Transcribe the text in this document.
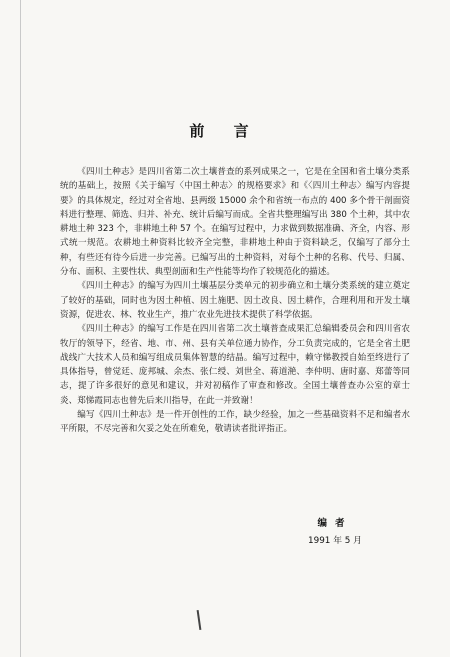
前 言

《四川土种志》是四川省第二次土壤普查的系列成果之一，它是在全国和省土壤分类系统的基础上，按照《关于编写〈中国土种志〉的规格要求》和《〈四川土种志〉编写内容提要》的具体规定，经过对全省地、县两级 15000 余个和省统一布点的 400 多个骨干剖面资料进行整理、筛选、归并、补充、统计后编写而成。全省共整理编写出 380 个土种，其中农耕地土种 323 个，非耕地土种 57 个。在编写过程中，力求做到数据准确、齐全，内容、形式统一规范。农耕地土种资料比较齐全完整，非耕地土种由于资料缺乏，仅编写了部分土种，有些还有待今后进一步完善。已编写出的土种资料，对每个土种的名称、代号、归属、分布、面积、主要性状、典型剖面和生产性能等均作了较规范化的描述。

《四川土种志》的编写为四川土壤基层分类单元的初步确立和土壤分类系统的建立奠定了较好的基础，同时也为因土种植、因土施肥、因土改良、因土耕作，合理利用和开发土壤资源，促进农、林、牧业生产，推广农业先进技术提供了科学依据。

《四川土种志》的编写工作是在四川省第二次土壤普查成果汇总编辑委员会和四川省农牧厅的领导下，经省、地、市、州、县有关单位通力协作，分工负责完成的，它是全省土肥战线广大技术人员和编写组成员集体智慧的结晶。编写过程中，赖守悌教授自始至终进行了具体指导，曾觉廷、庞邦城、余杰、张仁绶、刘世全、蒋道滟、李仲明、唐时嘉、郑蕾等同志，提了许多很好的意见和建议，并对初稿作了审查和修改。全国土壤普查办公室的章士炎、郑悌霞同志也曾先后来川指导，在此一并致谢！

编写《四川土种志》是一件开创性的工作，缺少经验，加之一些基础资料不足和编者水平所限，不尽完善和欠妥之处在所难免，敬请读者批评指正。

编者
1991 年 5 月
